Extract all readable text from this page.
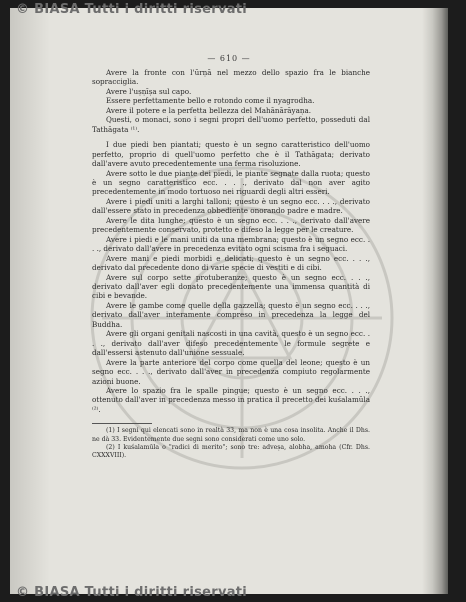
— 610 —

Avere la fronte con l'ūrṇā nel mezzo dello spazio fra le bianche sopracciglia.

Avere l'uṣṇīṣa sul capo.

Essere perfettamente bello e rotondo come il nyagrodha.

Avere il potere e la perfetta bellezza del Mahānārāyaṇa.

Questi, o monaci, sono i segni propri dell'uomo perfetto, posseduti dal Tathāgata ⁽¹⁾.

I due piedi ben piantati; questo è un segno caratteristico dell'uomo perfetto, proprio di quell'uomo perfetto che è il Tathāgata; derivato dall'avere avuto precedentemente una ferma risoluzione.

Avere sotto le due piante dei piedi, le piante segnate dalla ruota; questo è un segno caratteristico ecc. . . ., derivato dal non aver agito precedentemente in modo tortuoso nei riguardi degli altri esseri.

Avere i piedi uniti a larghi talloni; questo è un segno ecc. . . ., derivato dall'essere stato in precedenza obbediente onorando padre e madre.

Avere le dita lunghe; questo è un segno ecc. . . ., derivato dall'avere precedentemente conservato, protetto e difeso la legge per le creature.

Avere i piedi e le mani uniti da una membrana; questo è un segno ecc. . . ., derivato dall'avere in precedenza evitato ogni scisma fra i seguaci.

Avere mani e piedi morbidi e delicati; questo è un segno ecc. . . ., derivato dal precedente dono di varie specie di vestiti e di cibi.

Avere sul corpo sette protuberanze; questo è un segno ecc. . . ., derivato dall'aver egli donato precedentemente una immensa quantità di cibi e bevande.

Avere le gambe come quelle della gazzella; questo è un segno ecc. . . ., derivato dall'aver interamente compreso in precedenza la legge del Buddha.

Avere gli organi genitali nascosti in una cavità, questo è un segno ecc. . . ., derivato dall'aver difeso precedentemente le formule segrete e dall'essersi astenuto dall'unione sessuale.

Avere la parte anteriore del corpo come quella del leone; questo è un segno ecc. . . ., derivato dall'aver in precedenza compiuto regolarmente azioni buone.

Avere lo spazio fra le spalle pingue; questo è un segno ecc. . . ., ottenuto dall'aver in precedenza messo in pratica il precetto dei kuśalamūla ⁽²⁾.

(1) I segni qui elencati sono in realtà 33, ma non è una cosa insolita. Anche il Dhs. ne dà 33. Evidentemente due segni sono considerati come uno solo.

(2) I kuśalamūla o "radici di merito"; sono tre: adveṣa, alobha, amoha (Cfr. Dhs. CXXXVIII).

© BIASA Tutti i diritti riservati
© BIASA Tutti i diritti riservati
